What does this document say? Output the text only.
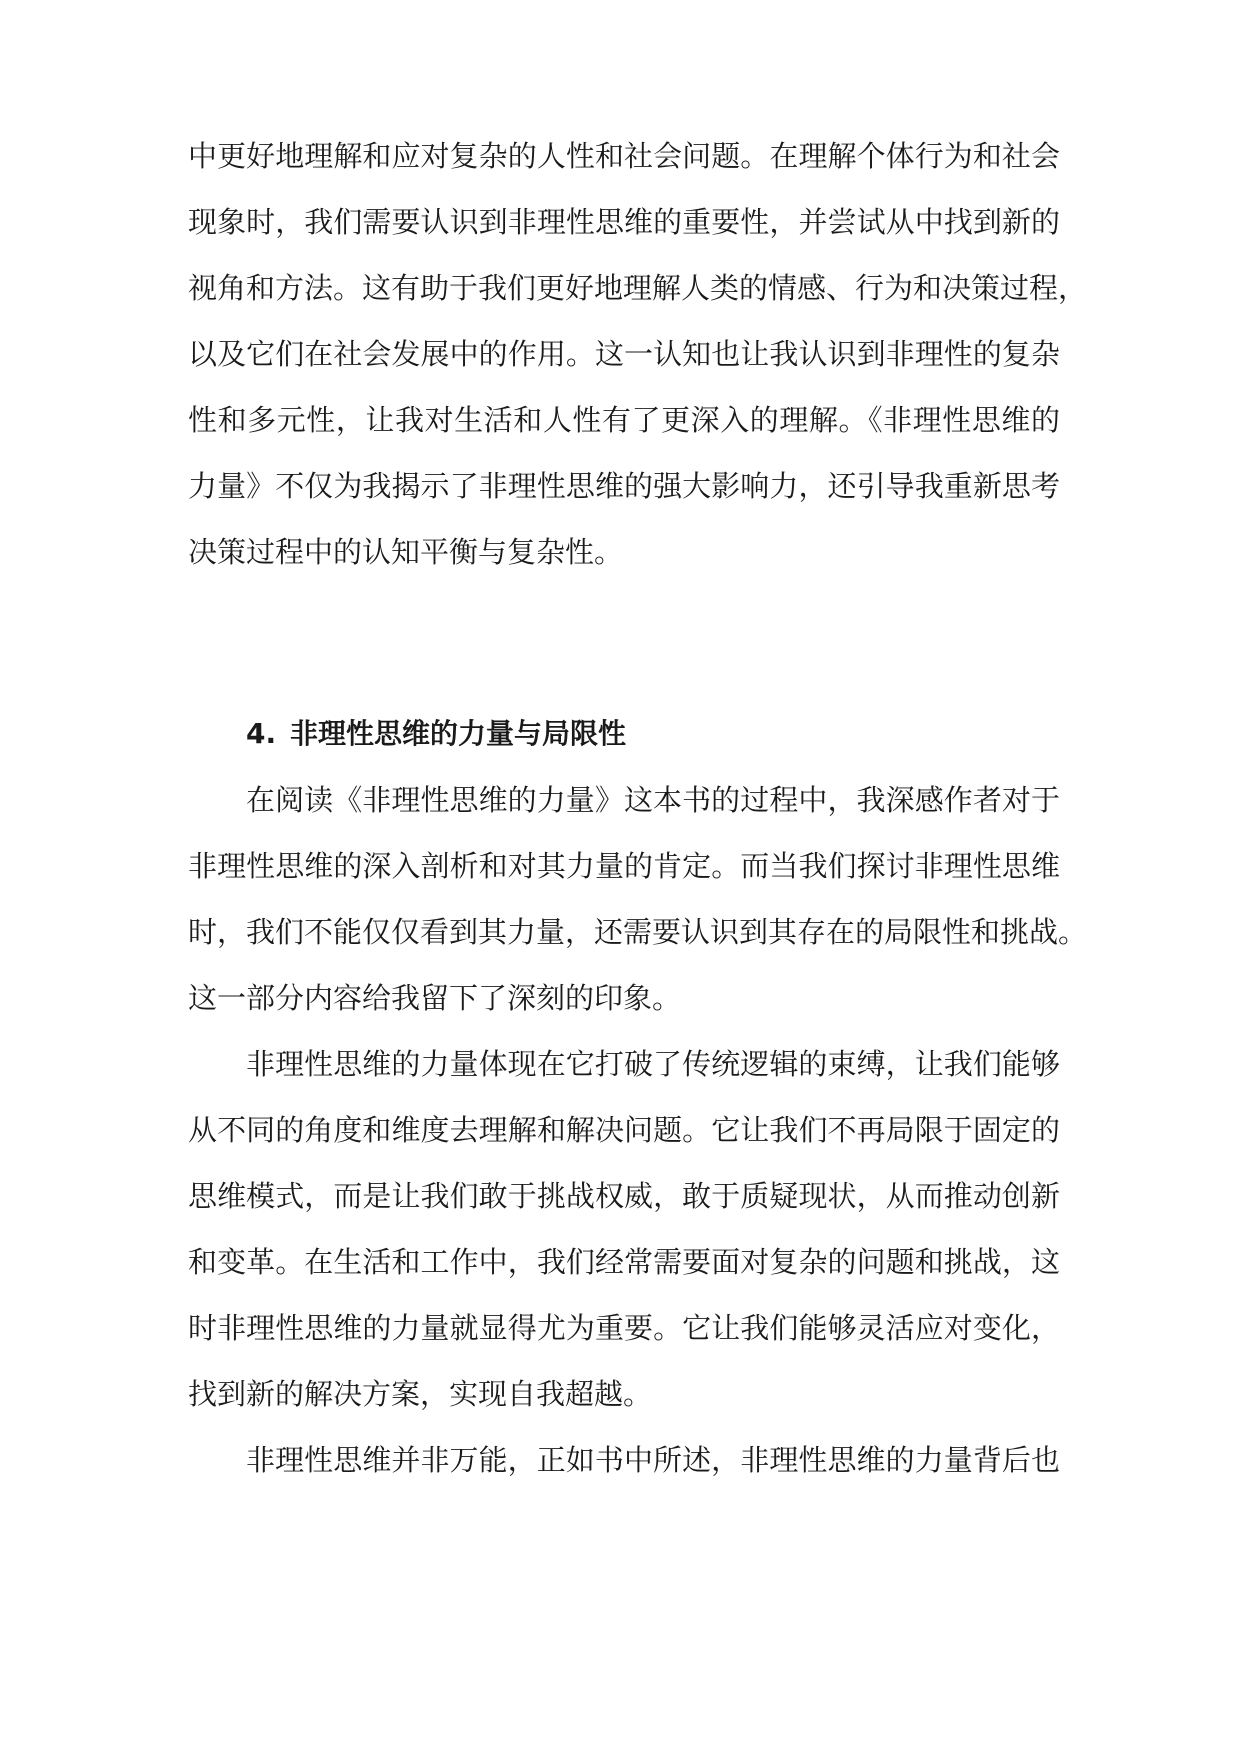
中更好地理解和应对复杂的人性和社会问题。在理解个体行为和社会
现象时，我们需要认识到非理性思维的重要性，并尝试从中找到新的
视角和方法。这有助于我们更好地理解人类的情感、行为和决策过程，
以及它们在社会发展中的作用。这一认知也让我认识到非理性的复杂
性和多元性，让我对生活和人性有了更深入的理解。《非理性思维的
力量》不仅为我揭示了非理性思维的强大影响力，还引导我重新思考
决策过程中的认知平衡与复杂性。
4. 非理性思维的力量与局限性
在阅读《非理性思维的力量》这本书的过程中，我深感作者对于
非理性思维的深入剖析和对其力量的肯定。而当我们探讨非理性思维
时，我们不能仅仅看到其力量，还需要认识到其存在的局限性和挑战。
这一部分内容给我留下了深刻的印象。
非理性思维的力量体现在它打破了传统逻辑的束缚，让我们能够
从不同的角度和维度去理解和解决问题。它让我们不再局限于固定的
思维模式，而是让我们敢于挑战权威，敢于质疑现状，从而推动创新
和变革。在生活和工作中，我们经常需要面对复杂的问题和挑战，这
时非理性思维的力量就显得尤为重要。它让我们能够灵活应对变化，
找到新的解决方案，实现自我超越。
非理性思维并非万能，正如书中所述，非理性思维的力量背后也
